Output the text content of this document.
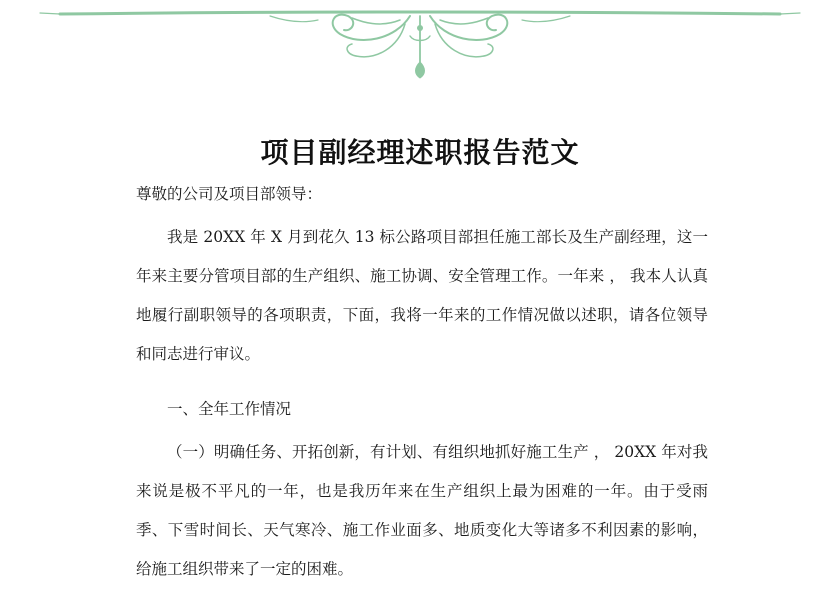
项目副经理述职报告范文

尊敬的公司及项目部领导：

我是 20XX 年 X 月到花久 13 标公路项目部担任施工部长及生产副经理，这一年来主要分管项目部的生产组织、施工协调、安全管理工作。一年来 ， 我本人认真地履行副职领导的各项职责，下面，我将一年来的工作情况做以述职，请各位领导和同志进行审议。

一、全年工作情况

（一）明确任务、开拓创新，有计划、有组织地抓好施工生产 ， 20XX 年对我来说是极不平凡的一年，也是我历年来在生产组织上最为困难的一年。由于受雨季、下雪时间长、天气寒冷、施工作业面多、地质变化大等诸多不利因素的影响，给施工组织带来了一定的困难。
